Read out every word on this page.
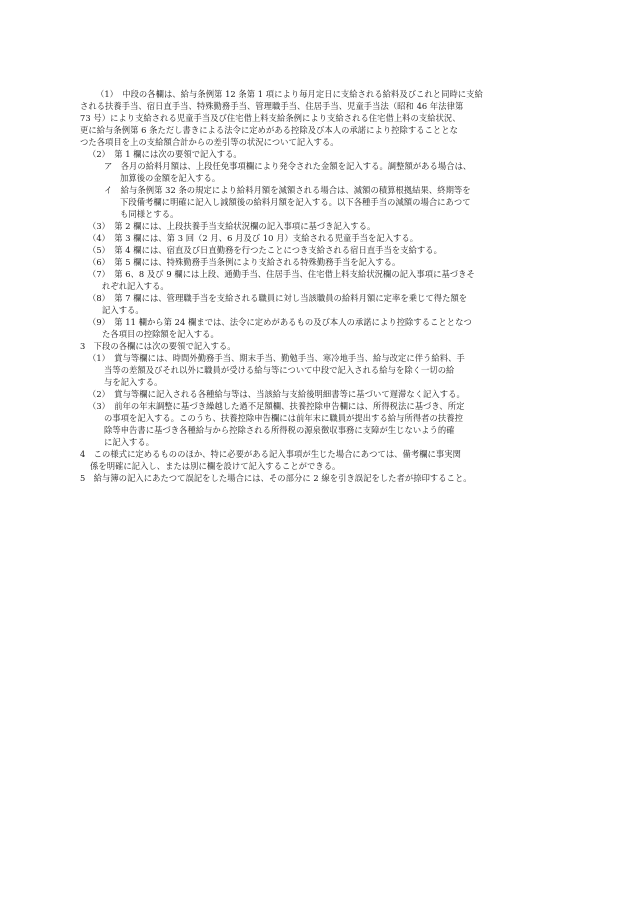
（1）　中段の各欄は、給与条例第 12 条第 1 項により毎月定日に支給される給料及びこれと同時に支給
される扶養手当、宿日直手当、特殊勤務手当、管理職手当、住居手当、児童手当法（昭和 46 年法律第
73 号）により支給される児童手当及び住宅借上料支給条例により支給される住宅借上料の支給状況、
更に給与条例第 6 条ただし書きによる法令に定めがある控除及び本人の承諾により控除することとな
つた各項目を上の支給額合計からの差引等の状況について記入する。
（2）　第 1 欄には次の要領で記入する。
ア　各月の給料月額は、上段任免事項欄により発令された金額を記入する。調整額がある場合は、
加算後の金額を記入する。
イ　給与条例第 32 条の規定により給料月額を減額される場合は、減額の積算根拠結果、終期等を
下段備考欄に明確に記入し減額後の給料月額を記入する。以下各種手当の減額の場合にあつて
も同様とする。
（3）　第 2 欄には、上段扶養手当支給状況欄の記入事項に基づき記入する。
（4）　第 3 欄には、第 3 回（2 月、6 月及び 10 月）支給される児童手当を記入する。
（5）　第 4 欄には、宿直及び日直勤務を行つたことにつき支給される宿日直手当を支給する。
（6）　第 5 欄には、特殊勤務手当条例により支給される特殊勤務手当を記入する。
（7）　第 6、8 及び 9 欄には上段、通勤手当、住居手当、住宅借上料支給状況欄の記入事項に基づきそ
れぞれ記入する。
（8）　第 7 欄には、管理職手当を支給される職員に対し当該職員の給料月額に定率を乗じて得た額を
記入する。
（9）　第 11 欄から第 24 欄までは、法令に定めがあるもの及び本人の承諾により控除することとなつ
た各項目の控除額を記入する。
3　下段の各欄には次の要領で記入する。
（1）　賞与等欄には、時間外勤務手当、期末手当、勤勉手当、寒冷地手当、給与改定に伴う給料、手
当等の差額及びそれ以外に職員が受ける給与等について中段で記入される給与を除く一切の給
与を記入する。
（2）　賞与等欄に記入される各種給与等は、当該給与支給後明細書等に基づいて遅滞なく記入する。
（3）　前年の年末調整に基づき繰越した過不足額欄、扶養控除申告欄には、所得税法に基づき、所定
の事項を記入する。このうち、扶養控除申告欄には前年末に職員が提出する給与所得者の扶養控
除等申告書に基づき各種給与から控除される所得税の源泉徴収事務に支障が生じないよう的確
に記入する。
4　この様式に定めるもののほか、特に必要がある記入事項が生じた場合にあつては、備考欄に事実関
係を明確に記入し、または別に欄を設けて記入することができる。
5　給与簿の記入にあたつて誤記をした場合には、その部分に 2 線を引き誤記をした者が捺印すること。
